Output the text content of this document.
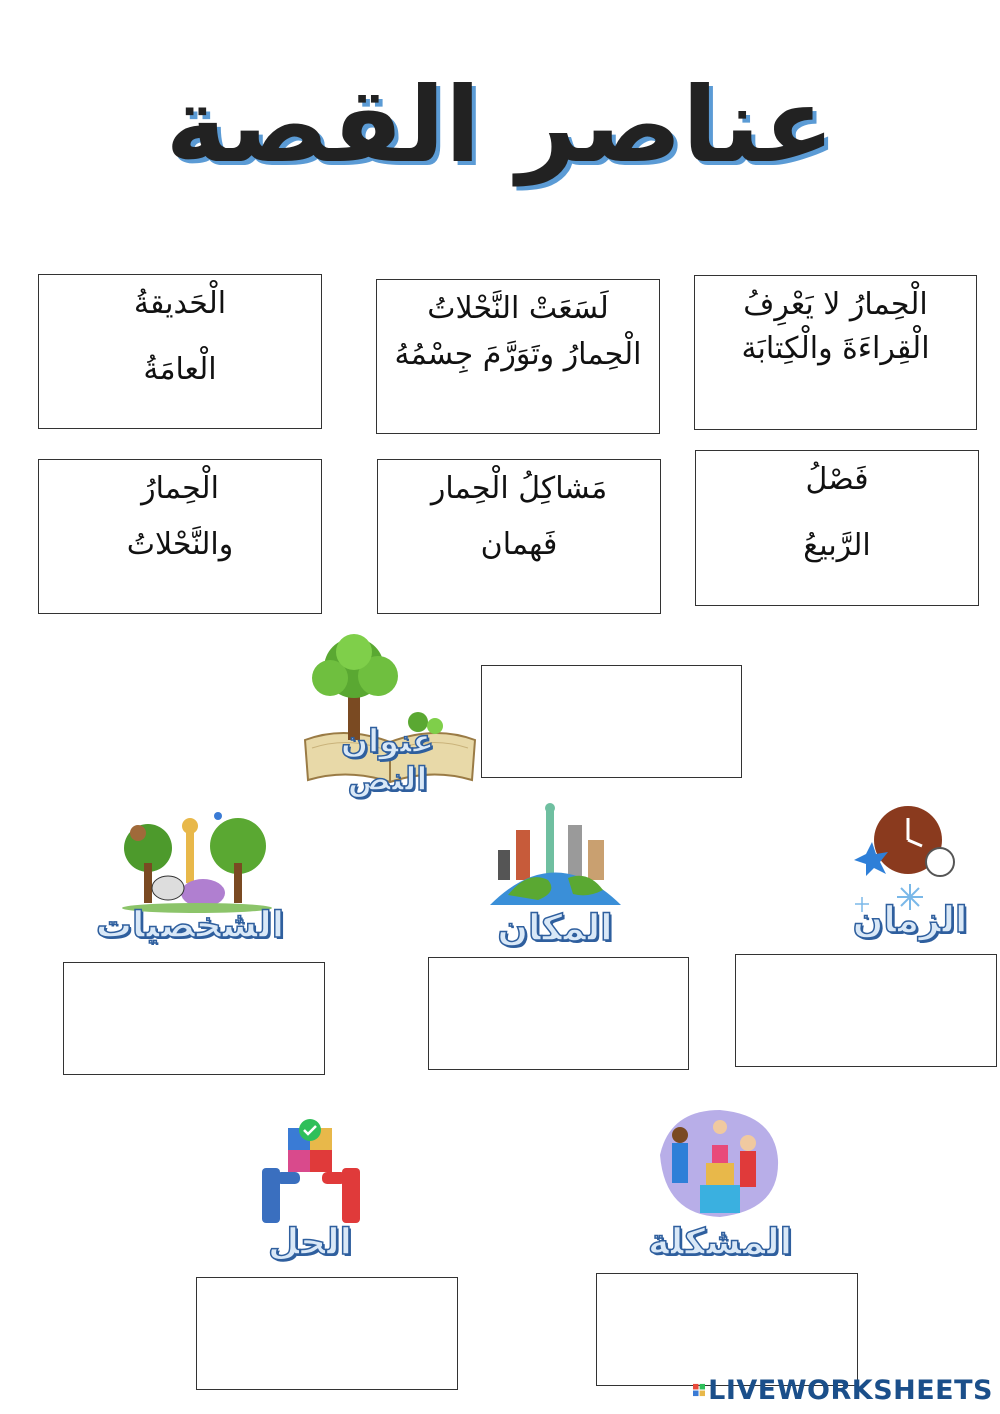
عناصر القصة
الْحِمارُ لا يَعْرِفُ
الْقِراءَةَ والْكِتابَة
لَسَعَتْ النَّحْلاتُ
الْحِمارُ وتَوَرَّمَ جِسْمُهُ
الْحَديقةُ
الْعامَةُ
فَصْلُ
الرَّبيعُ
مَشاكِلُ الْحِمار
فَهمان
الْحِمارُ
والنَّحْلاتُ
عنوان النص
الشخصيات	المكان	الزمان
الحل	المشكلة
LIVEWORKSHEETS
